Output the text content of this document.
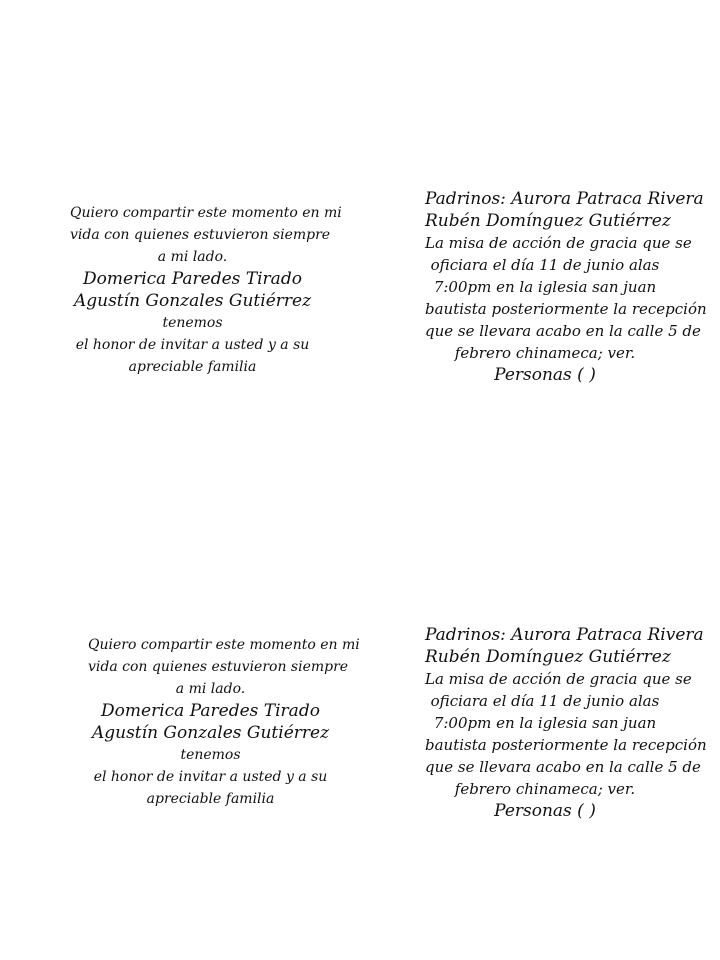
Quiero compartir este momento en mi
vida con quienes estuvieron siempre
a mi lado.
Domerica Paredes Tirado
Agustín Gonzales Gutiérrez
tenemos
el honor de invitar a usted y a su
apreciable familia
Padrinos: Aurora Patraca Rivera
Rubén Domínguez Gutiérrez
La misa de acción de gracia que se
oficiara el día 11 de junio alas
7:00pm en la iglesia san juan
bautista posteriormente la recepción
que se llevara acabo en la calle 5 de
febrero chinameca; ver.
Personas ( )
Quiero compartir este momento en mi
vida con quienes estuvieron siempre
a mi lado.
Domerica Paredes Tirado
Agustín Gonzales Gutiérrez
tenemos
el honor de invitar a usted y a su
apreciable familia
Padrinos: Aurora Patraca Rivera
Rubén Domínguez Gutiérrez
La misa de acción de gracia que se
oficiara el día 11 de junio alas
7:00pm en la iglesia san juan
bautista posteriormente la recepción
que se llevara acabo en la calle 5 de
febrero chinameca; ver.
Personas ( )
